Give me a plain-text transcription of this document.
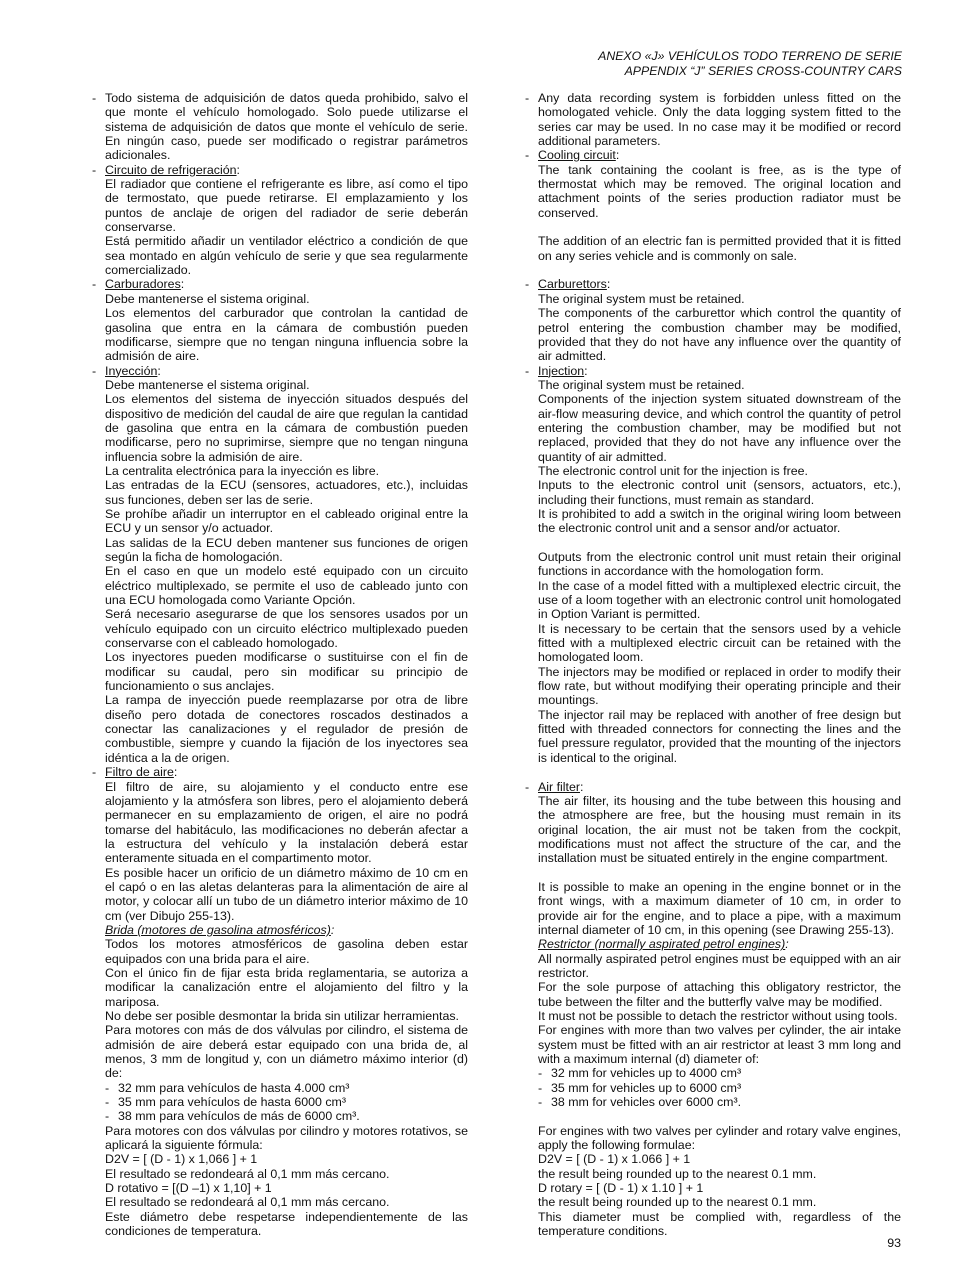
ANEXO «J» VEHÍCULOS TODO TERRENO DE SERIE
APPENDIX “J” SERIES CROSS-COUNTRY CARS
- Todo sistema de adquisición de datos queda prohibido, salvo el que monte el vehículo homologado. Solo puede utilizarse el sistema de adquisición de datos que monte el vehículo de serie. En ningún caso, puede ser modificado o registrar parámetros adicionales.
- Circuito de refrigeración:
El radiador que contiene el refrigerante es libre, así como el tipo de termostato, que puede retirarse. El emplazamiento y los puntos de anclaje de origen del radiador de serie deberán conservarse.
Está permitido añadir un ventilador eléctrico a condición de que sea montado en algún vehículo de serie y que sea regularmente comercializado.
- Carburadores:
Debe mantenerse el sistema original.
Los elementos del carburador que controlan la cantidad de gasolina que entra en la cámara de combustión pueden modificarse, siempre que no tengan ninguna influencia sobre la admisión de aire.
- Inyección:
Debe mantenerse el sistema original.
Los elementos del sistema de inyección situados después del dispositivo de medición del caudal de aire que regulan la cantidad de gasolina que entra en la cámara de combustión pueden modificarse, pero no suprimirse, siempre que no tengan ninguna influencia sobre la admisión de aire.
La centralita electrónica para la inyección es libre.
Las entradas de la ECU (sensores, actuadores, etc.), incluidas sus funciones, deben ser las de serie.
Se prohíbe añadir un interruptor en el cableado original entre la ECU y un sensor y/o actuador.
Las salidas de la ECU deben mantener sus funciones de origen según la ficha de homologación.
En el caso en que un modelo esté equipado con un circuito eléctrico multiplexado, se permite el uso de cableado junto con una ECU homologada como Variante Opción.
Será necesario asegurarse de que los sensores usados por un vehículo equipado con un circuito eléctrico multiplexado pueden conservarse con el cableado homologado.
Los inyectores pueden modificarse o sustituirse con el fin de modificar su caudal, pero sin modificar su principio de funcionamiento o sus anclajes.
La rampa de inyección puede reemplazarse por otra de libre diseño pero dotada de conectores roscados destinados a conectar las canalizaciones y el regulador de presión de combustible, siempre y cuando la fijación de los inyectores sea idéntica a la de origen.
- Filtro de aire:
El filtro de aire, su alojamiento y el conducto entre ese alojamiento y la atmósfera son libres, pero el alojamiento deberá permanecer en su emplazamiento de origen, el aire no podrá tomarse del habitáculo, las modificaciones no deberán afectar a la estructura del vehículo y la instalación deberá estar enteramente situada en el compartimento motor.
Es posible hacer un orificio de un diámetro máximo de 10 cm en el capó o en las aletas delanteras para la alimentación de aire al motor, y colocar allí un tubo de un diámetro interior máximo de 10 cm (ver Dibujo 255-13).
Brida (motores de gasolina atmosféricos):
Todos los motores atmosféricos de gasolina deben estar equipados con una brida para el aire.
Con el único fin de fijar esta brida reglamentaria, se autoriza a modificar la canalización entre el alojamiento del filtro y la mariposa.
No debe ser posible desmontar la brida sin utilizar herramientas.
Para motores con más de dos válvulas por cilindro, el sistema de admisión de aire deberá estar equipado con una brida de, al menos, 3 mm de longitud y, con un diámetro máximo interior (d) de:
- 32 mm para vehículos de hasta 4.000 cm³
- 35 mm para vehículos de hasta 6000 cm³
- 38 mm para vehículos de más de 6000 cm³.
Para motores con dos válvulas por cilindro y motores rotativos, se aplicará la siguiente fórmula:
D2V = [ (D - 1) x 1,066 ] + 1
El resultado se redondeará al 0,1 mm más cercano.
D rotativo = [(D –1) x 1,10] + 1
El resultado se redondeará al 0,1 mm más cercano.
Este diámetro debe respetarse independientemente de las condiciones de temperatura.
- Any data recording system is forbidden unless fitted on the homologated vehicle. Only the data logging system fitted to the series car may be used. In no case may it be modified or record additional parameters.
- Cooling circuit:
The tank containing the coolant is free, as is the type of thermostat which may be removed. The original location and attachment points of the series production radiator must be conserved.
The addition of an electric fan is permitted provided that it is fitted on any series vehicle and is commonly on sale.
- Carburettors:
The original system must be retained.
The components of the carburettor which control the quantity of petrol entering the combustion chamber may be modified, provided that they do not have any influence over the quantity of air admitted.
- Injection:
The original system must be retained.
Components of the injection system situated downstream of the air-flow measuring device, and which control the quantity of petrol entering the combustion chamber, may be modified but not replaced, provided that they do not have any influence over the quantity of air admitted.
The electronic control unit for the injection is free.
Inputs to the electronic control unit (sensors, actuators, etc.), including their functions, must remain as standard.
It is prohibited to add a switch in the original wiring loom between the electronic control unit and a sensor and/or actuator.
Outputs from the electronic control unit must retain their original functions in accordance with the homologation form.
In the case of a model fitted with a multiplexed electric circuit, the use of a loom together with an electronic control unit homologated in Option Variant is permitted.
It is necessary to be certain that the sensors used by a vehicle fitted with a multiplexed electric circuit can be retained with the homologated loom.
The injectors may be modified or replaced in order to modify their flow rate, but without modifying their operating principle and their mountings.
The injector rail may be replaced with another of free design but fitted with threaded connectors for connecting the lines and the fuel pressure regulator, provided that the mounting of the injectors is identical to the original.
- Air filter:
The air filter, its housing and the tube between this housing and the atmosphere are free, but the housing must remain in its original location, the air must not be taken from the cockpit, modifications must not affect the structure of the car, and the installation must be situated entirely in the engine compartment.
It is possible to make an opening in the engine bonnet or in the front wings, with a maximum diameter of 10 cm, in order to provide air for the engine, and to place a pipe, with a maximum internal diameter of 10 cm, in this opening (see Drawing 255-13).
Restrictor (normally aspirated petrol engines):
All normally aspirated petrol engines must be equipped with an air restrictor.
For the sole purpose of attaching this obligatory restrictor, the tube between the filter and the butterfly valve may be modified.
It must not be possible to detach the restrictor without using tools.
For engines with more than two valves per cylinder, the air intake system must be fitted with an air restrictor at least 3 mm long and with a maximum internal (d) diameter of:
- 32 mm for vehicles up to 4000 cm³
- 35 mm for vehicles up to 6000 cm³
- 38 mm for vehicles over 6000 cm³.
For engines with two valves per cylinder and rotary valve engines, apply the following formulae:
D2V = [ (D - 1) x 1.066 ] + 1
the result being rounded up to the nearest 0.1 mm.
D rotary = [ (D - 1) x 1.10 ] + 1
the result being rounded up to the nearest 0.1 mm.
This diameter must be complied with, regardless of the temperature conditions.
93
